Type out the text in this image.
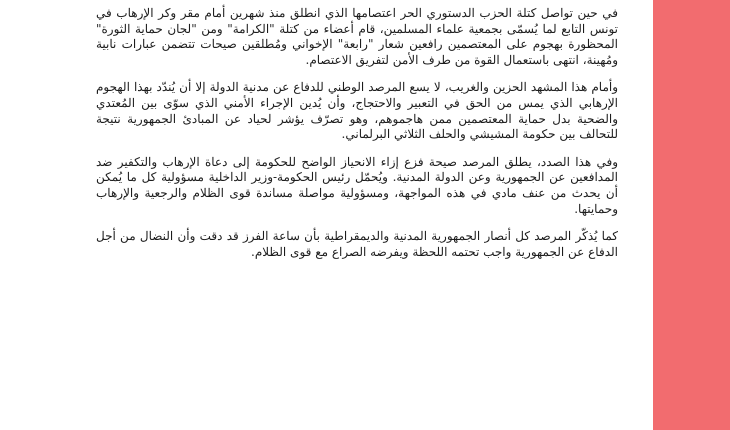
في حين تواصل كتلة الحزب الدستوري الحر اعتصامها الذي انطلق منذ شهرين أمام مقر وكر الإرهاب في تونس التابع لما يُسمّى بجمعية علماء المسلمين، قام أعضاء من كتلة "الكرامة" ومن "لجان حماية الثورة" المحظورة بهجوم على المعتصمين رافعين شعار "رابعة" الإخواني ومُطلقين صيحات تتضمن عبارات نابية ومُهينة، انتهى باستعمال القوة من طرف الأمن لتفريق الاعتصام.

وأمام هذا المشهد الحزين والغريب، لا يسع المرصد الوطني للدفاع عن مدنية الدولة إلا أن يُندّد بهذا الهجوم الإرهابي الذي يمس من الحق في التعبير والاحتجاج، وأن يُدين الإجراء الأمني الذي سوّى بين المُعتدي والضحية بدل حماية المعتصمين ممن هاجموهم، وهو تصرّف يؤشر لحياد عن المبادئ الجمهورية نتيجة للتحالف بين حكومة المشيشي والحلف الثلاثي البرلماني.

وفي هذا الصدد، يطلق المرصد صيحة فزع إزاء الانحياز الواضح للحكومة إلى دعاة الإرهاب والتكفير ضد المدافعين عن الجمهورية وعن الدولة المدنية. ويُحمّل رئيس الحكومة-وزير الداخلية مسؤولية كل ما يُمكن أن يحدث من عنف مادي في هذه المواجهة، ومسؤولية مواصلة مساندة قوى الظلام والرجعية والإرهاب وحمايتها.

كما يُذكّر المرصد كل أنصار الجمهورية المدنية والديمقراطية بأن ساعة الفرز قد دقت وأن النضال من أجل الدفاع عن الجمهورية واجب تحتمه اللحظة ويفرضه الصراع مع قوى الظلام.
